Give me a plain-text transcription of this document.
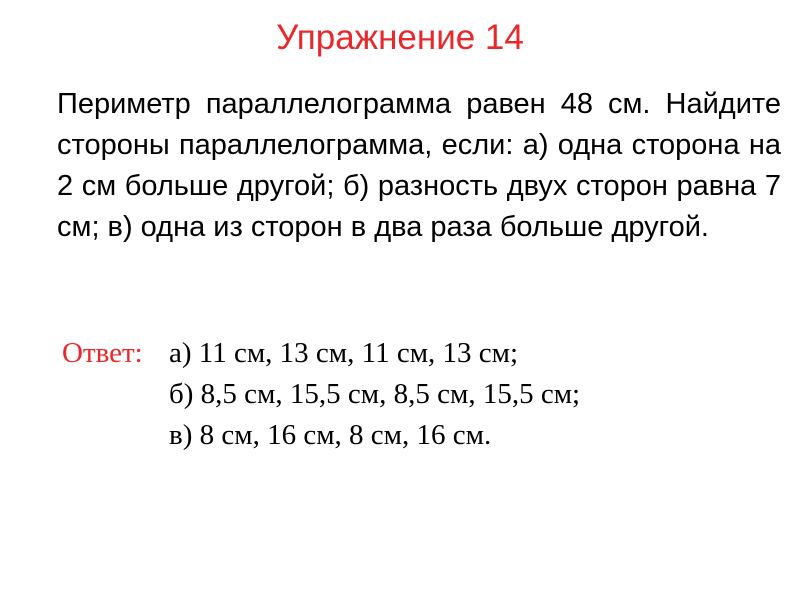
Упражнение 14

Периметр параллелограмма равен 48 см. Найдите стороны параллелограмма, если: а) одна сторона на 2 см больше другой; б) разность двух сторон равна 7 см; в) одна из сторон в два раза больше другой.

Ответ: а) 11 см, 13 см, 11 см, 13 см;
б) 8,5 см, 15,5 см, 8,5 см, 15,5 см;
в) 8 см, 16 см, 8 см, 16 см.
